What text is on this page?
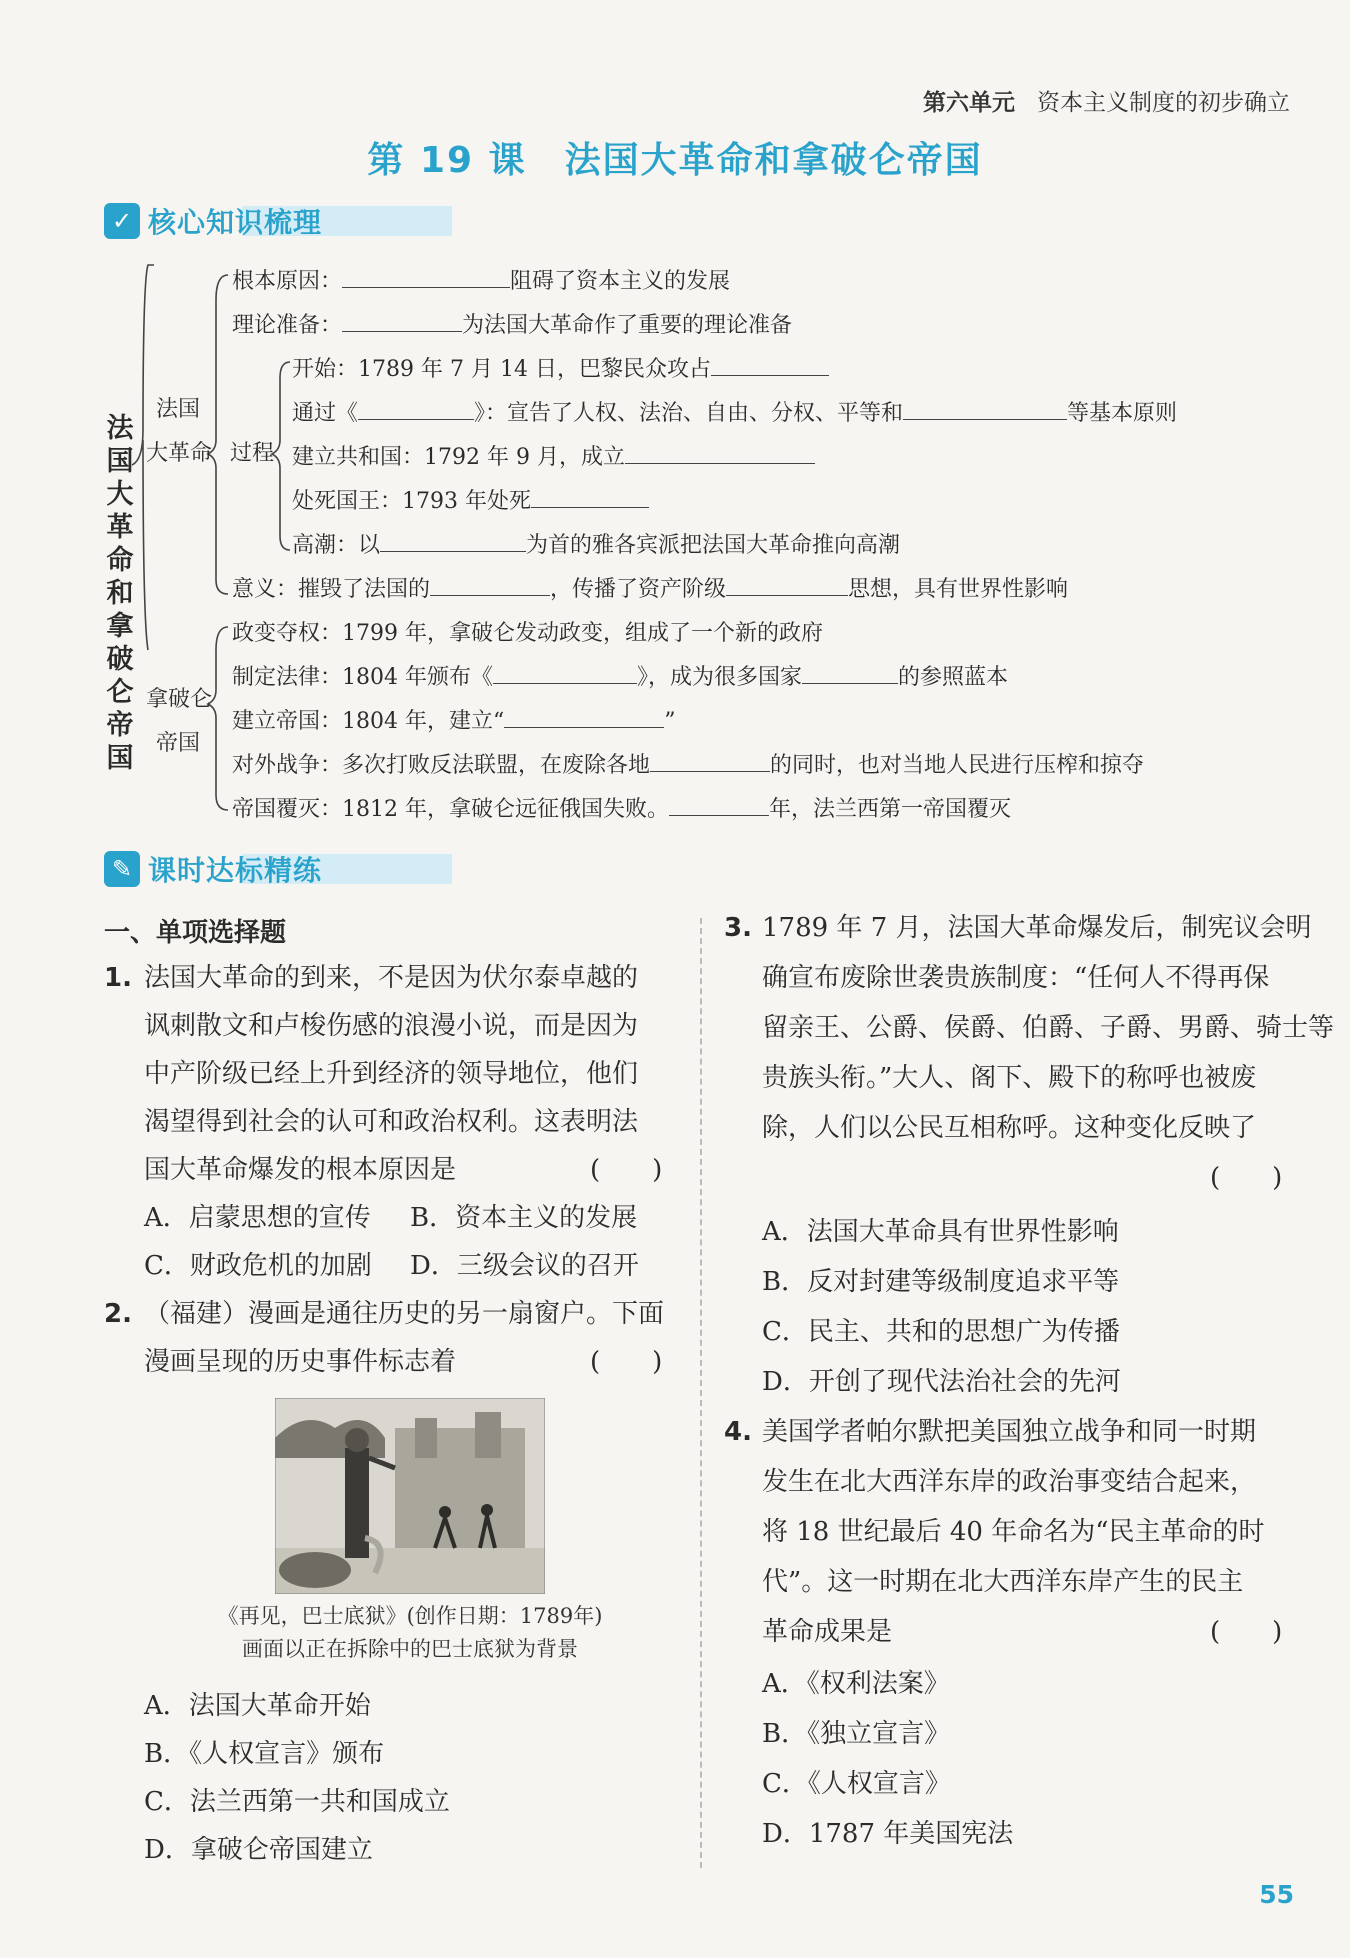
第六单元 资本主义制度的初步确立
第 19 课　法国大革命和拿破仑帝国
✓ 核心知识梳理
法国大革命和拿破仑帝国
法国
大革命 过程
拿破仑
帝国
根本原因：	阻碍了资本主义的发展
理论准备：	为法国大革命作了重要的理论准备
开始：1789 年 7 月 14 日，巴黎民众攻占
通过《	》：宣告了人权、法治、自由、分权、平等和	等基本原则
建立共和国：1792 年 9 月，成立
处死国王：1793 年处死
高潮：以	为首的雅各宾派把法国大革命推向高潮
意义：摧毁了法国的	，传播了资产阶级	思想，具有世界性影响
政变夺权：1799 年，拿破仑发动政变，组成了一个新的政府
制定法律：1804 年颁布《	》，成为很多国家	的参照蓝本
建立帝国：1804 年，建立“	”
对外战争：多次打败反法联盟，在废除各地	的同时，也对当地人民进行压榨和掠夺
帝国覆灭：1812 年，拿破仑远征俄国失败。	年，法兰西第一帝国覆灭
✎ 课时达标精练
一、单项选择题
1. 法国大革命的到来，不是因为伏尔泰卓越的
讽刺散文和卢梭伤感的浪漫小说，而是因为
中产阶级已经上升到经济的领导地位，他们
渴望得到社会的认可和政治权利。这表明法
国大革命爆发的根本原因是	(　　)
A．启蒙思想的宣传 B．资本主义的发展
C．财政危机的加剧 D．三级会议的召开
2. （福建）漫画是通往历史的另一扇窗户。下面
漫画呈现的历史事件标志着	(　　)
《再见，巴士底狱》(创作日期：1789年)
画面以正在拆除中的巴士底狱为背景
A．法国大革命开始
B．《人权宣言》颁布
C．法兰西第一共和国成立
D．拿破仑帝国建立
3. 1789 年 7 月，法国大革命爆发后，制宪议会明
确宣布废除世袭贵族制度：“任何人不得再保
留亲王、公爵、侯爵、伯爵、子爵、男爵、骑士等
贵族头衔。”大人、阁下、殿下的称呼也被废
除，人们以公民互相称呼。这种变化反映了
(　　)
A．法国大革命具有世界性影响
B．反对封建等级制度追求平等
C．民主、共和的思想广为传播
D．开创了现代法治社会的先河
4. 美国学者帕尔默把美国独立战争和同一时期
发生在北大西洋东岸的政治事变结合起来，
将 18 世纪最后 40 年命名为“民主革命的时
代”。这一时期在北大西洋东岸产生的民主
革命成果是	(　　)
A．《权利法案》
B．《独立宣言》
C．《人权宣言》
D．1787 年美国宪法
55
